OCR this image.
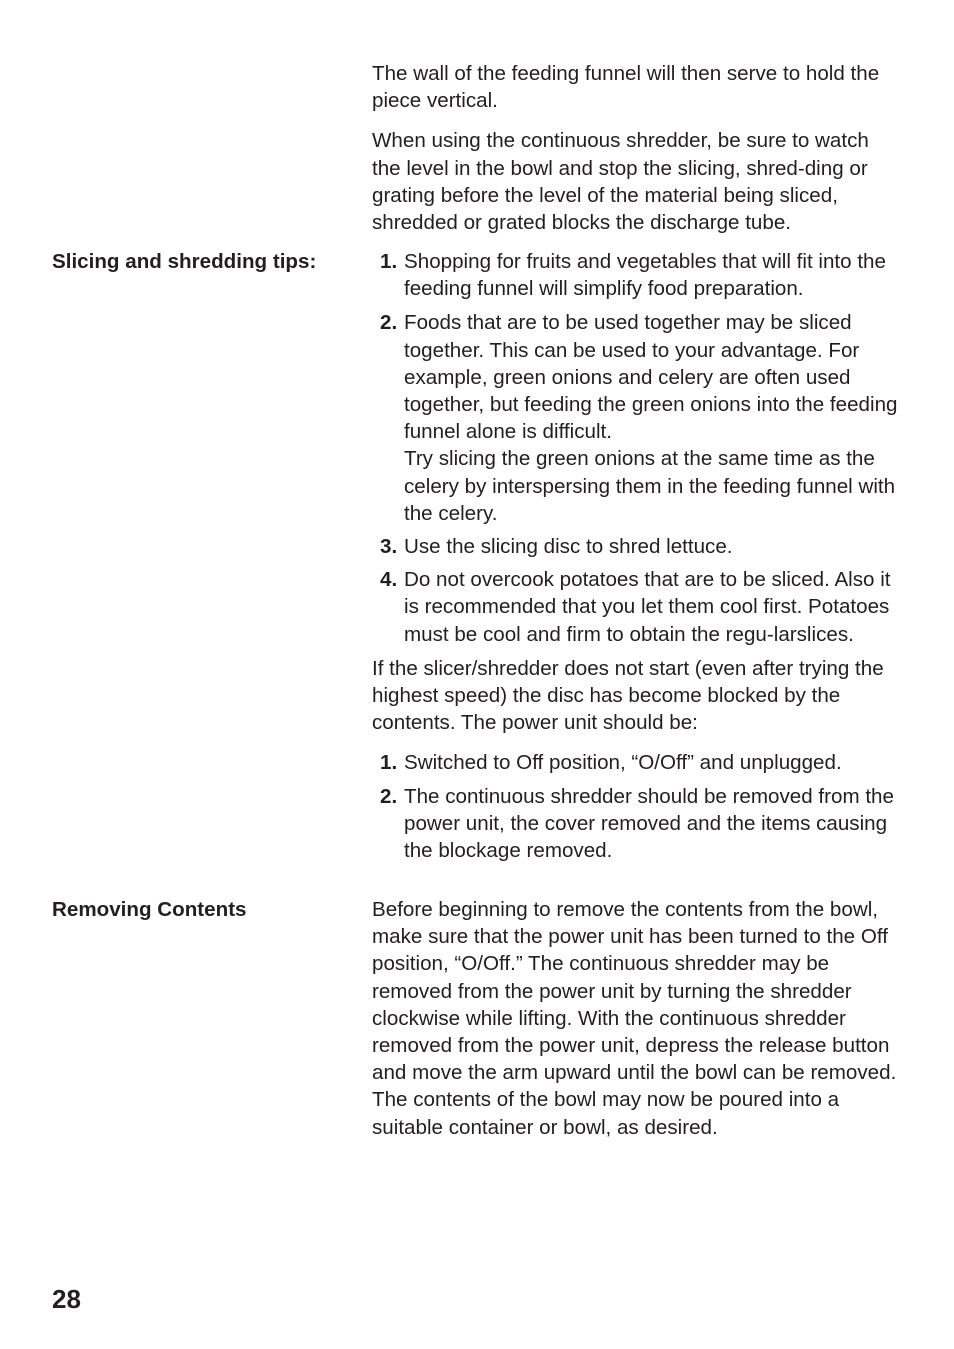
The wall of the feeding funnel will then serve to hold the piece vertical.

When using the continuous shredder, be sure to watch the level in the bowl and stop the slicing, shred-ding or grating before the level of the material being sliced, shredded or grated blocks the discharge tube.

Slicing and shredding tips:	1. Shopping for fruits and vegetables that will fit into the feeding funnel will simplify food preparation.
2. Foods that are to be used together may be sliced together. This can be used to your advantage. For example, green onions and celery are often used together, but feeding the green onions into the feeding funnel alone is difficult.
Try slicing the green onions at the same time as the celery by interspersing them in the feeding funnel with the celery.
3. Use the slicing disc to shred lettuce.
4. Do not overcook potatoes that are to be sliced. Also it is recommended that you let them cool first. Potatoes must be cool and firm to obtain the regu-larslices.

If the slicer/shredder does not start (even after trying the highest speed) the disc has become blocked by the contents. The power unit should be:

1. Switched to Off position, “O/Off” and unplugged.
2. The continuous shredder should be removed from the power unit, the cover removed and the items causing the blockage removed.
Removing Contents	Before beginning to remove the contents from the bowl, make sure that the power unit has been turned to the Off position, “O/Off.” The continuous shredder may be removed from the power unit by turning the shredder clockwise while lifting. With the continuous shredder removed from the power unit, depress the release button and move the arm upward until the bowl can be removed. The contents of the bowl may now be poured into a suitable container or bowl, as desired.

28
